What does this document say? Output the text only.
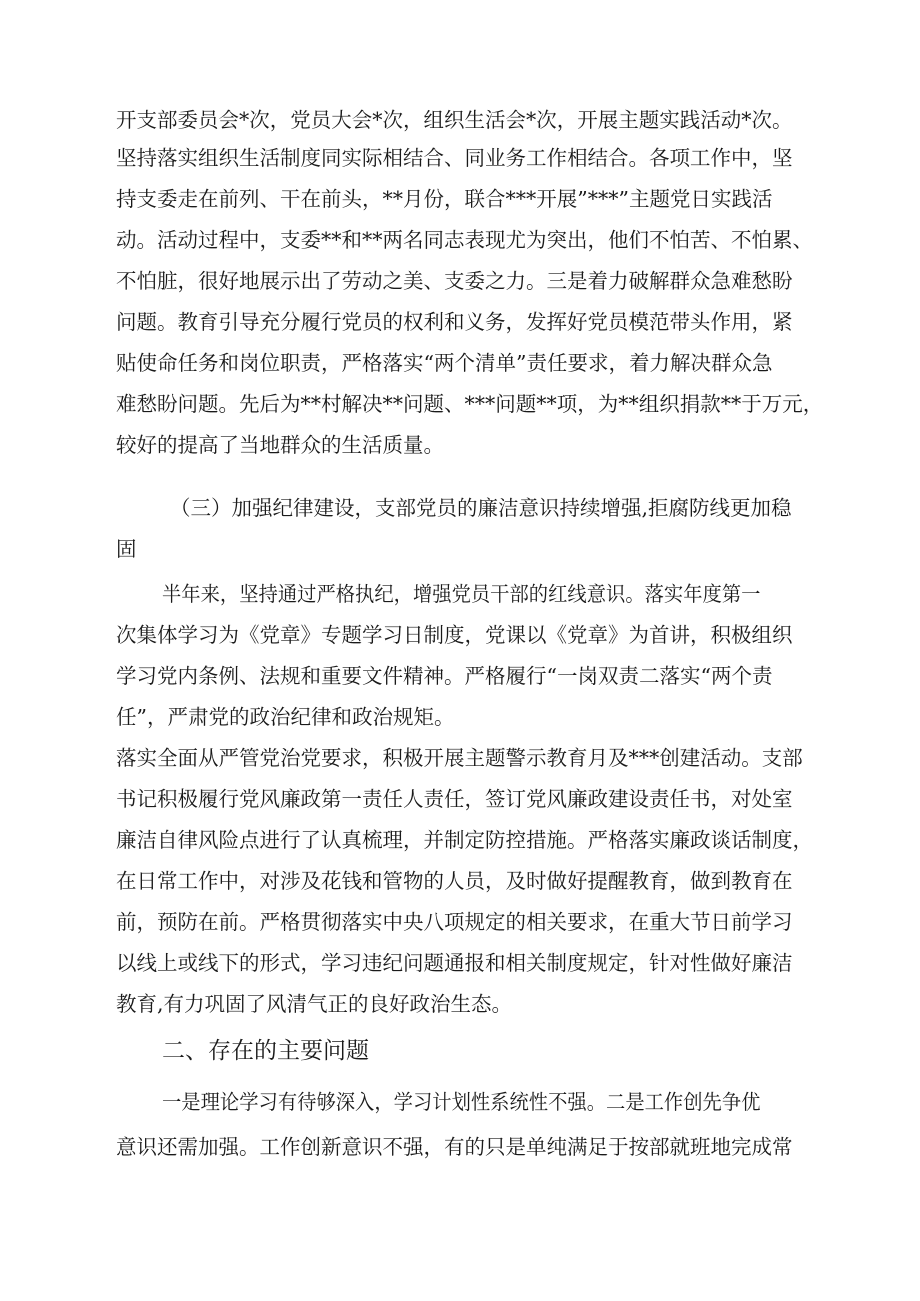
开支部委员会*次，党员大会*次，组织生活会*次，开展主题实践活动*次。
坚持落实组织生活制度同实际相结合、同业务工作相结合。各项工作中，坚
持支委走在前列、干在前头，**月份，联合***开展”***”主题党日实践活
动。活动过程中，支委**和**两名同志表现尤为突出，他们不怕苦、不怕累、
不怕脏，很好地展示出了劳动之美、支委之力。三是着力破解群众急难愁盼
问题。教育引导充分履行党员的权利和义务，发挥好党员模范带头作用，紧
贴使命任务和岗位职责，严格落实“两个清单”责任要求，着力解决群众急
难愁盼问题。先后为**村解决**问题、***问题**项，为**组织捐款**于万元，
较好的提高了当地群众的生活质量。
（三）加强纪律建设，支部党员的廉洁意识持续增强,拒腐防线更加稳
固
半年来，坚持通过严格执纪，增强党员干部的红线意识。落实年度第一
次集体学习为《党章》专题学习日制度，党课以《党章》为首讲，积极组织
学习党内条例、法规和重要文件精神。严格履行“一岗双责二落实“两个责
任”，严肃党的政治纪律和政治规矩。
落实全面从严管党治党要求，积极开展主题警示教育月及***创建活动。支部
书记积极履行党风廉政第一责任人责任，签订党风廉政建设责任书，对处室
廉洁自律风险点进行了认真梳理，并制定防控措施。严格落实廉政谈话制度，
在日常工作中，对涉及花钱和管物的人员，及时做好提醒教育，做到教育在
前，预防在前。严格贯彻落实中央八项规定的相关要求，在重大节日前学习
以线上或线下的形式，学习违纪问题通报和相关制度规定，针对性做好廉洁
教育,有力巩固了风清气正的良好政治生态。
二、存在的主要问题
一是理论学习有待够深入，学习计划性系统性不强。二是工作创先争优
意识还需加强。工作创新意识不强，有的只是单纯满足于按部就班地完成常
